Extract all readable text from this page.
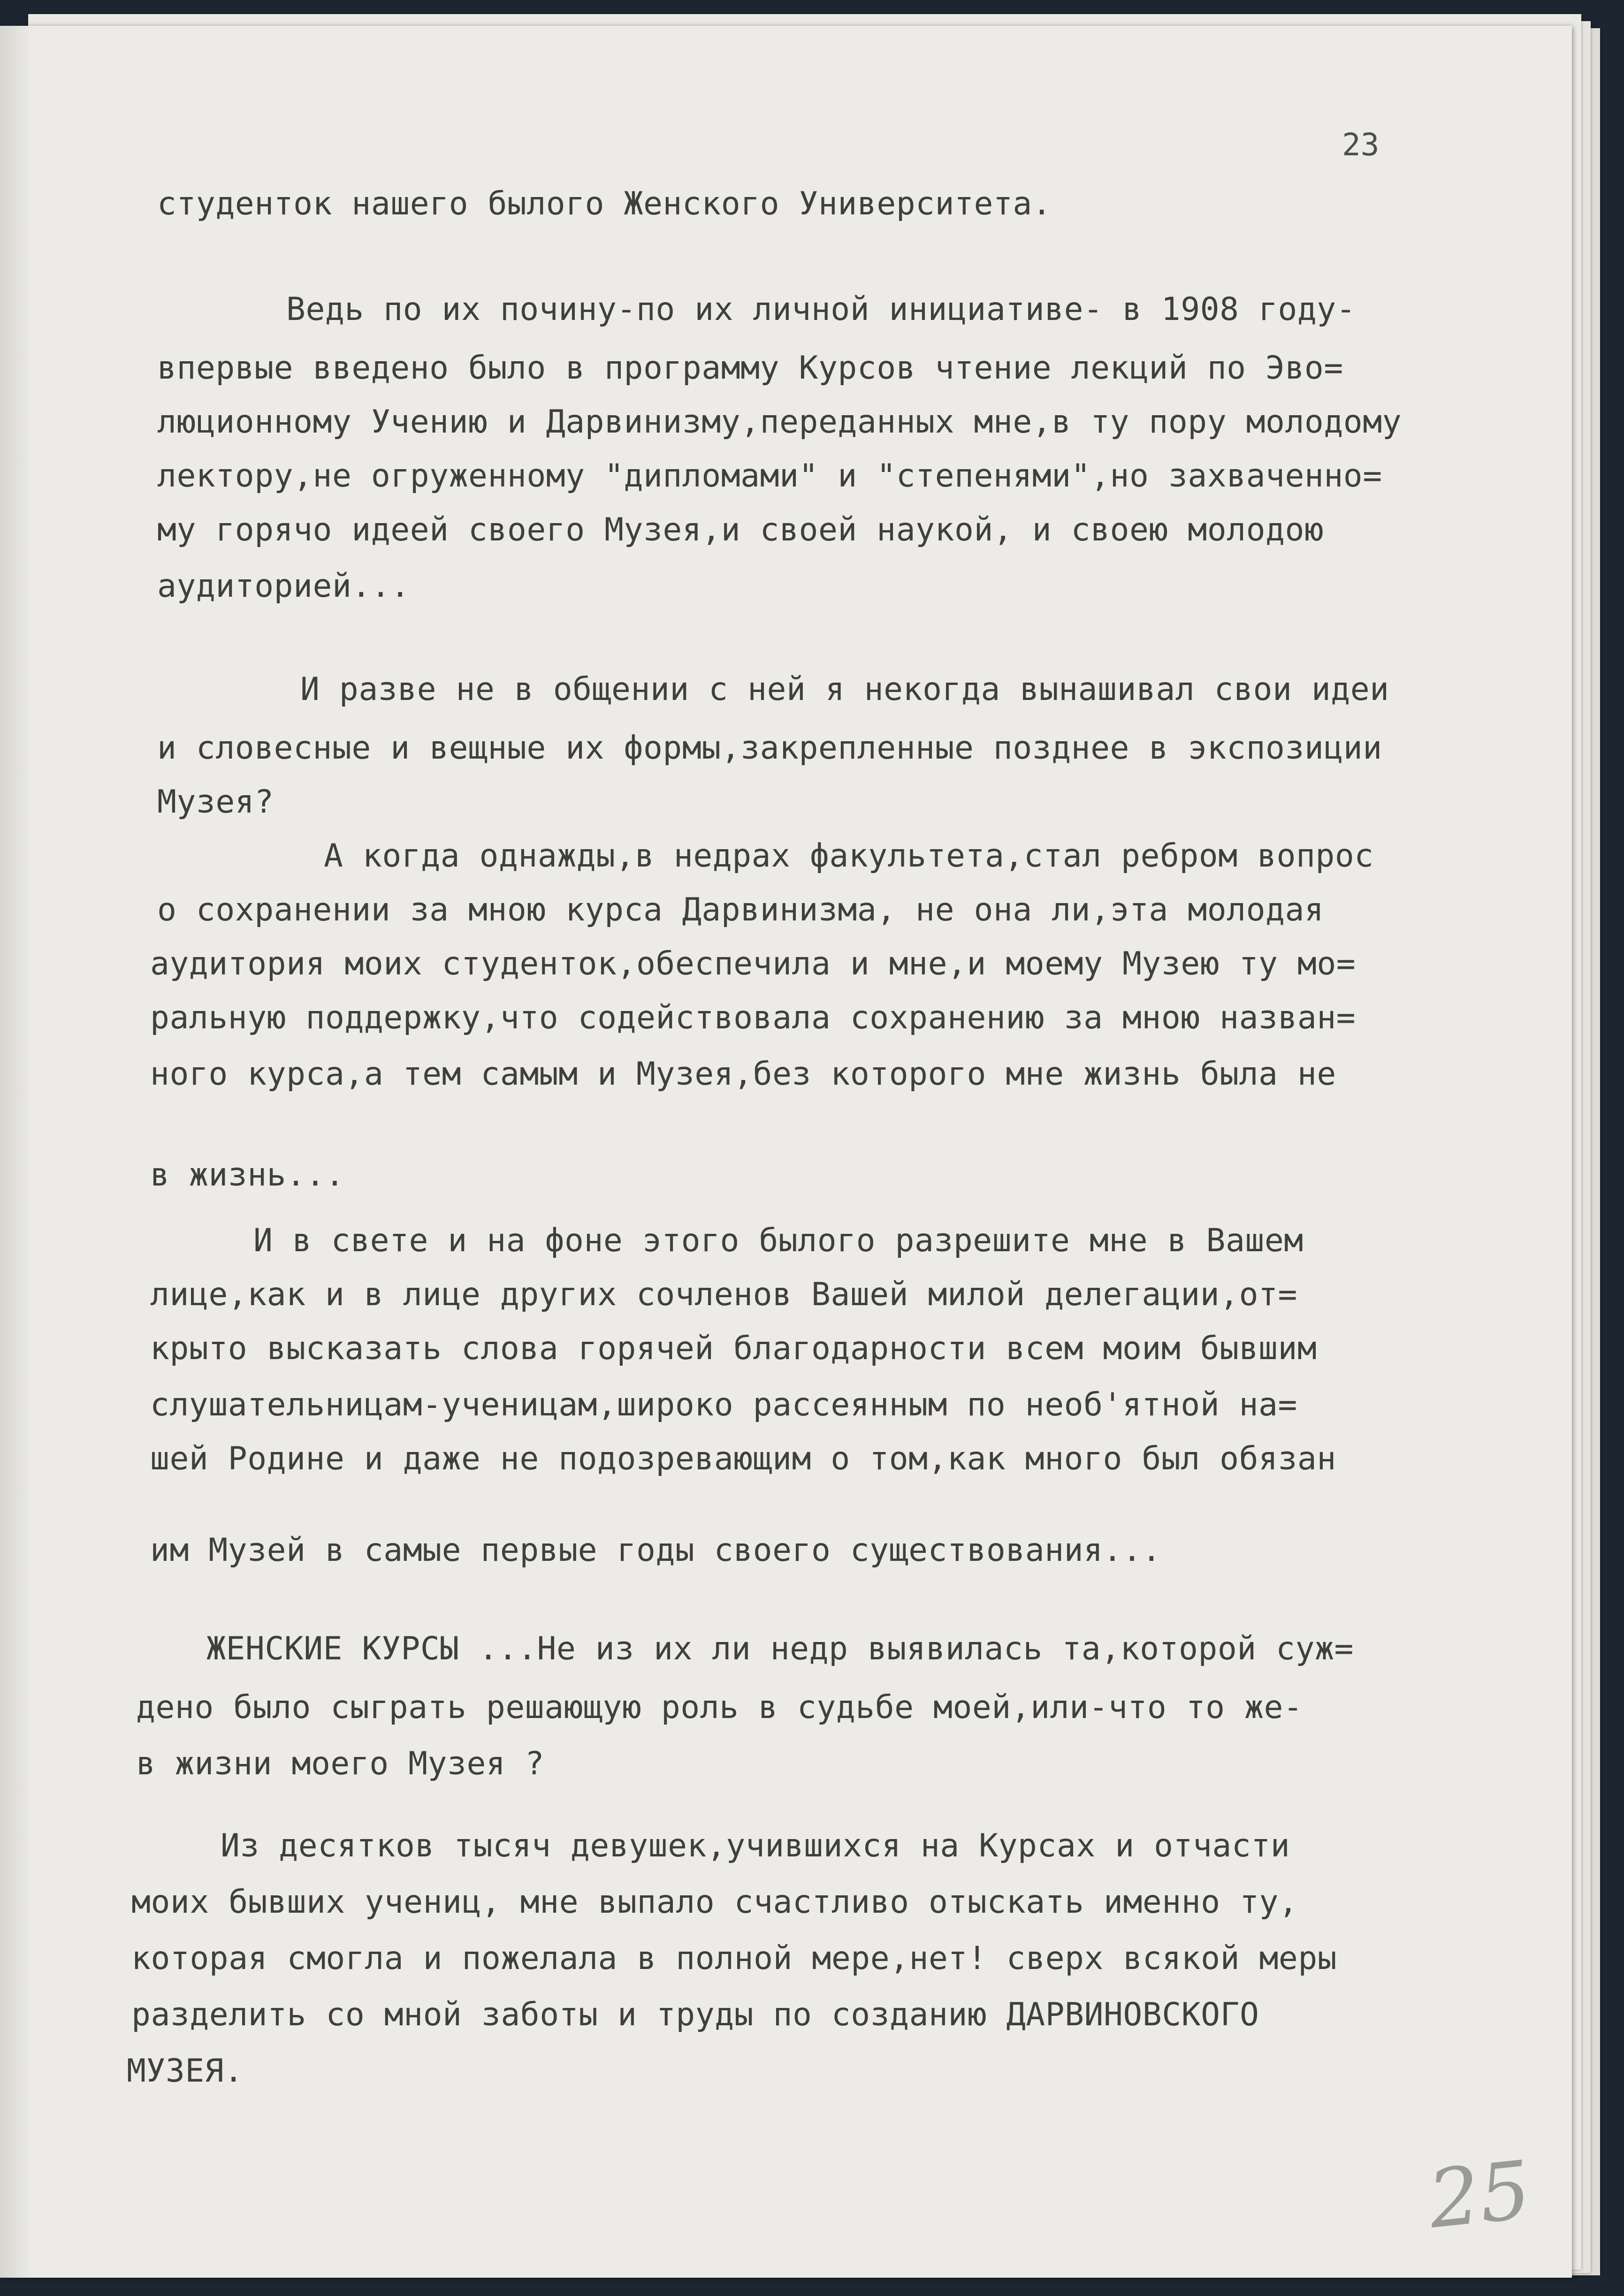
23
студенток нашего былого Женского Университета.
Ведь по их почину-по их личной инициативе- в 1908 году-
впервые введено было в программу Курсов чтение лекций по Эво=
люционному Учению и Дарвинизму,переданных мне,в ту пору молодому
лектору,не огруженному "дипломами" и "степенями",но захваченно=
му горячо идеей своего Музея,и своей наукой, и своею молодою
аудиторией...
И разве не в общении с ней я некогда вынашивал свои идеи
и словесные и вещные их формы,закрепленные позднее в экспозиции
Музея?
А когда однажды,в недрах факультета,стал ребром вопрос
о сохранении за мною курса Дарвинизма, не она ли,эта молодая
аудитория моих студенток,обеспечила и мне,и моему Музею ту мо=
ральную поддержку,что содействовала сохранению за мною назван=
ного курса,а тем самым и Музея,без которого мне жизнь была не
в жизнь...
И в свете и на фоне этого былого разрешите мне в Вашем
лице,как и в лице других сочленов Вашей милой делегации,от=
крыто высказать слова горячей благодарности всем моим бывшим
слушательницам-ученицам,широко рассеянным по необ'ятной на=
шей Родине и даже не подозревающим о том,как много был обязан
им Музей в самые первые годы своего существования...
ЖЕНСКИЕ КУРСЫ ...Не из их ли недр выявилась та,которой суж=
дено было сыграть решающую роль в судьбе моей,или-что то же-
в жизни моего Музея ?
Из десятков тысяч девушек,учившихся на Курсах и отчасти
моих бывших учениц, мне выпало счастливо отыскать именно ту,
которая смогла и пожелала в полной мере,нет! сверх всякой меры
разделить со мной заботы и труды по созданию ДАРВИНОВСКОГО
МУЗЕЯ.
25
